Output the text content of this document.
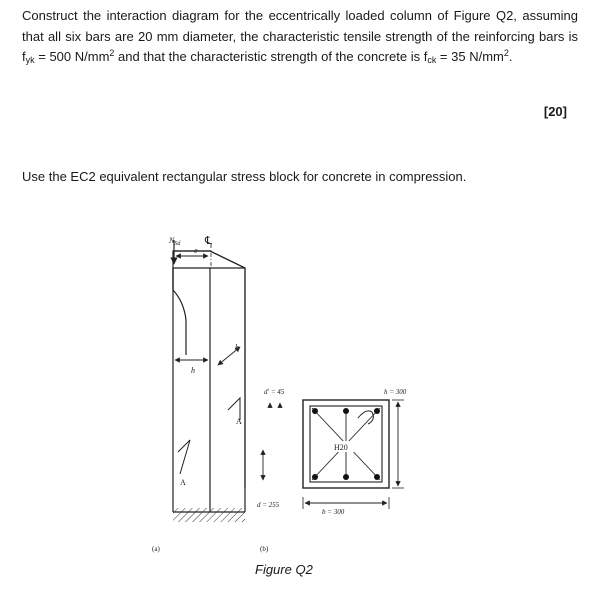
Construct the interaction diagram for the eccentrically loaded column of Figure Q2, assuming that all six bars are 20 mm diameter, the characteristic tensile strength of the reinforcing bars is $f_{yk} = 500$ $N/mm^2$ and that the characteristic strength of the concrete is $f_{ck} = 35$ $N/mm^2$.
[20]
Use the EC2 equivalent rectangular stress block for concrete in compression.
$N_{Sd}$
e
℄
h
b
A
A
(a)
H20
d′ = 45
d = 255
b = 300
h = 300
(b)
Figure Q2
